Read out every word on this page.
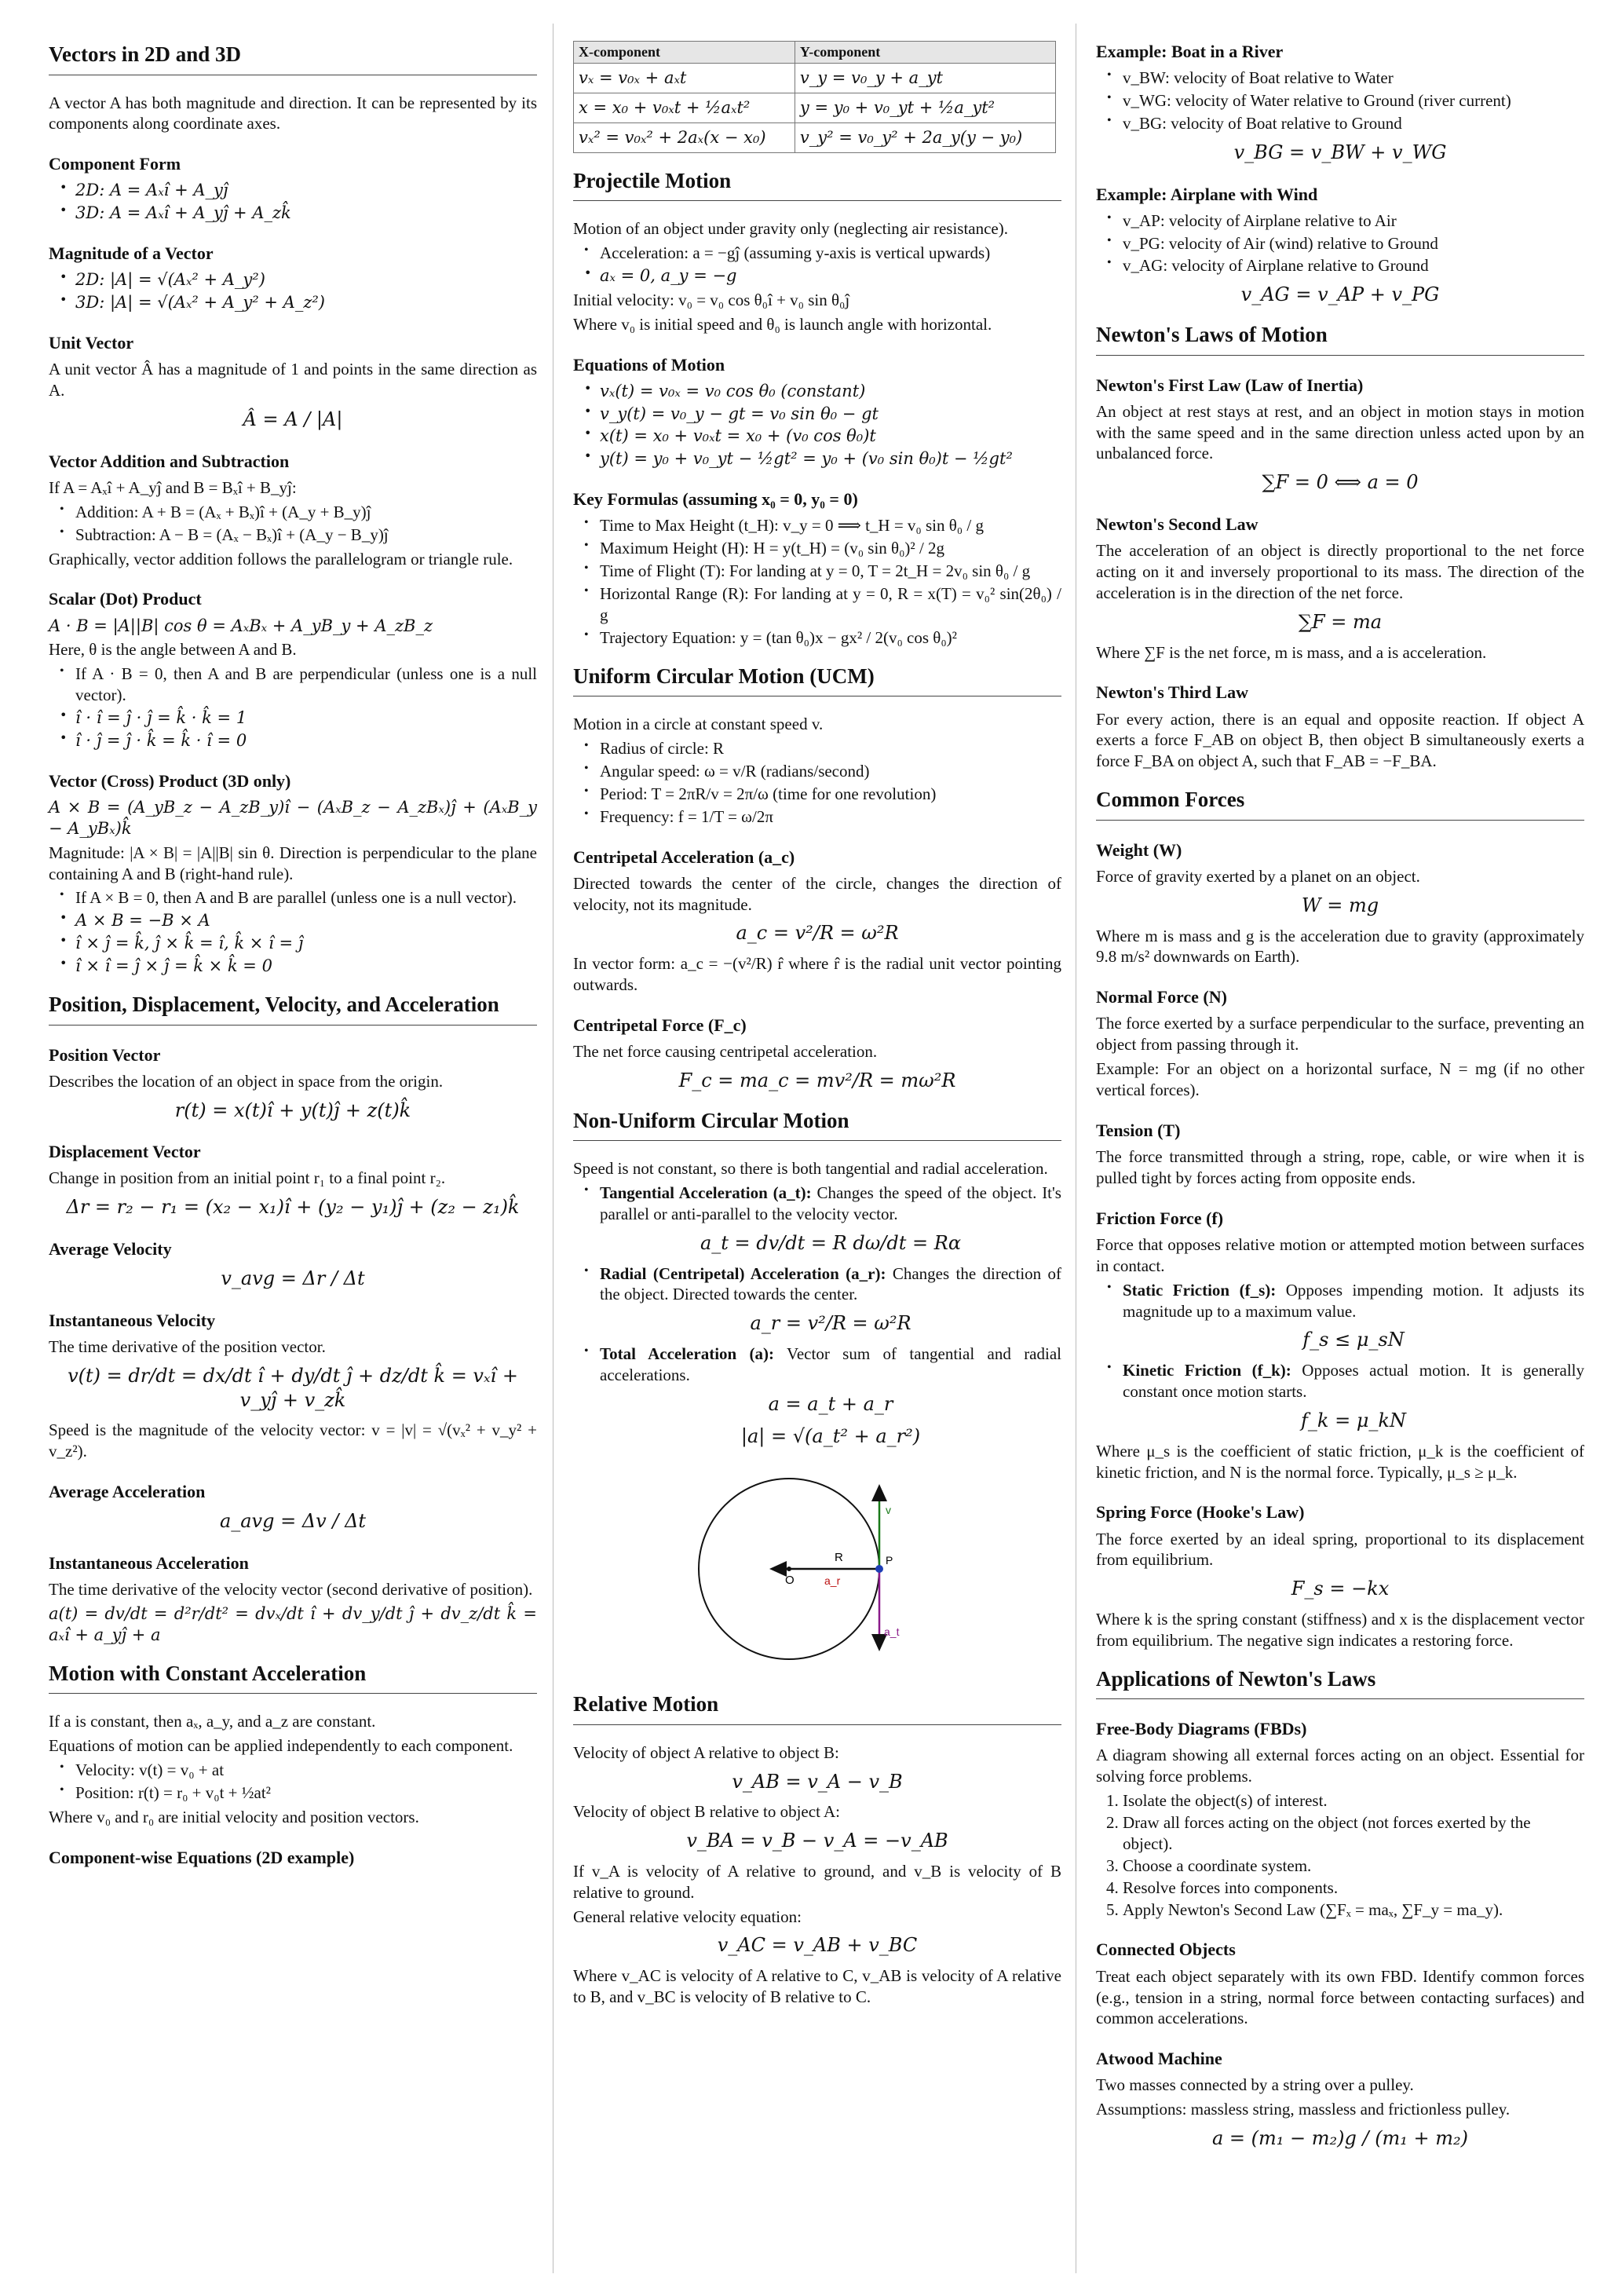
Vectors in 2D and 3D

A vector A has both magnitude and direction. It can be represented by its components along coordinate axes.

Component Form
• 2D: A = Aₓî + A_yĵ
• 3D: A = Aₓî + A_yĵ + A_zk̂
Magnitude of a Vector
• 2D: |A| = √(Aₓ² + A_y²)
• 3D: |A| = √(Aₓ² + A_y² + A_z²)
Unit Vector

A unit vector Â has a magnitude of 1 and points in the same direction as A.

Â = A / |A|
Vector Addition and Subtraction

If A = Aₓî + A_yĵ and B = Bₓî + B_yĵ:

• Addition: A + B = (Aₓ + Bₓ)î + (A_y + B_y)ĵ
• Subtraction: A − B = (Aₓ − Bₓ)î + (A_y − B_y)ĵ

Graphically, vector addition follows the parallelogram or triangle rule.

Scalar (Dot) Product

A · B = |A||B| cos θ = AₓBₓ + A_yB_y + A_zB_z

Here, θ is the angle between A and B.

• If A · B = 0, then A and B are perpendicular (unless one is a null vector).
• î · î = ĵ · ĵ = k̂ · k̂ = 1
• î · ĵ = ĵ · k̂ = k̂ · î = 0
Vector (Cross) Product (3D only)

A × B = (A_yB_z − A_zB_y)î − (AₓB_z − A_zBₓ)ĵ + (AₓB_y − A_yBₓ)k̂

Magnitude: |A × B| = |A||B| sin θ. Direction is perpendicular to the plane containing A and B (right-hand rule).

• If A × B = 0, then A and B are parallel (unless one is a null vector).
• A × B = −B × A
• î × ĵ = k̂, ĵ × k̂ = î, k̂ × î = ĵ
• î × î = ĵ × ĵ = k̂ × k̂ = 0
Position, Displacement, Velocity, and Acceleration
Position Vector

Describes the location of an object in space from the origin.

r(t) = x(t)î + y(t)ĵ + z(t)k̂
Displacement Vector

Change in position from an initial point r₁ to a final point r₂.

Δr = r₂ − r₁ = (x₂ − x₁)î + (y₂ − y₁)ĵ + (z₂ − z₁)k̂
Average Velocity
v_avg = Δr / Δt
Instantaneous Velocity

The time derivative of the position vector.

v(t) = dr/dt = dx/dt î + dy/dt ĵ + dz/dt k̂ = vₓî + v_yĵ + v_zk̂

Speed is the magnitude of the velocity vector: v = |v| = √(vₓ² + v_y² + v_z²).

Average Acceleration
a_avg = Δv / Δt
Instantaneous Acceleration

The time derivative of the velocity vector (second derivative of position).

a(t) = dv/dt = d²r/dt² = dvₓ/dt î + dv_y/dt ĵ + dv_z/dt k̂ = aₓî + a_yĵ + a

Motion with Constant Acceleration

If a is constant, then aₓ, a_y, and a_z are constant.

Equations of motion can be applied independently to each component.

• Velocity: v(t) = v₀ + at
• Position: r(t) = r₀ + v₀t + ½at²

Where v₀ and r₀ are initial velocity and position vectors.

Component-wise Equations (2D example)
X-component	Y-component
vₓ = v₀ₓ + aₓt	v_y = v₀_y + a_yt
x = x₀ + v₀ₓt + ½aₓt²	y = y₀ + v₀_yt + ½a_yt²
vₓ² = v₀ₓ² + 2aₓ(x − x₀)	v_y² = v₀_y² + 2a_y(y − y₀)
Projectile Motion

Motion of an object under gravity only (neglecting air resistance).

• Acceleration: a = −gĵ (assuming y-axis is vertical upwards)
• aₓ = 0, a_y = −g

Initial velocity: v₀ = v₀ cos θ₀î + v₀ sin θ₀ĵ

Where v₀ is initial speed and θ₀ is launch angle with horizontal.

Equations of Motion
• vₓ(t) = v₀ₓ = v₀ cos θ₀ (constant)
• v_y(t) = v₀_y − gt = v₀ sin θ₀ − gt
• x(t) = x₀ + v₀ₓt = x₀ + (v₀ cos θ₀)t
• y(t) = y₀ + v₀_yt − ½gt² = y₀ + (v₀ sin θ₀)t − ½gt²
Key Formulas (assuming x₀ = 0, y₀ = 0)
• Time to Max Height (t_H): v_y = 0 ⟹ t_H = v₀ sin θ₀ / g
• Maximum Height (H): H = y(t_H) = (v₀ sin θ₀)² / 2g
• Time of Flight (T): For landing at y = 0, T = 2t_H = 2v₀ sin θ₀ / g
• Horizontal Range (R): For landing at y = 0, R = x(T) = v₀² sin(2θ₀) / g
• Trajectory Equation: y = (tan θ₀)x − gx² / 2(v₀ cos θ₀)²
Uniform Circular Motion (UCM)

Motion in a circle at constant speed v.

• Radius of circle: R
• Angular speed: ω = v/R (radians/second)
• Period: T = 2πR/v = 2π/ω (time for one revolution)
• Frequency: f = 1/T = ω/2π
Centripetal Acceleration (a_c)

Directed towards the center of the circle, changes the direction of velocity, not its magnitude.

a_c = v²/R = ω²R

In vector form: a_c = −(v²/R) r̂ where r̂ is the radial unit vector pointing outwards.

Centripetal Force (F_c)

The net force causing centripetal acceleration.

F_c = ma_c = mv²/R = mω²R
Non-Uniform Circular Motion

Speed is not constant, so there is both tangential and radial acceleration.

• Tangential Acceleration (a_t): Changes the speed of the object. It's parallel or anti-parallel to the velocity vector.
a_t = dv/dt = R dω/dt = Rα
• Radial (Centripetal) Acceleration (a_r): Changes the direction of the object. Directed towards the center.
a_r = v²/R = ω²R
• Total Acceleration (a): Vector sum of tangential and radial accelerations.
a = a_t + a_r
|a| = √(a_t² + a_r²)
R
O
P
v
a_r
a_t
Relative Motion

Velocity of object A relative to object B:

v_AB = v_A − v_B

Velocity of object B relative to object A:

v_BA = v_B − v_A = −v_AB

If v_A is velocity of A relative to ground, and v_B is velocity of B relative to ground.

General relative velocity equation:

v_AC = v_AB + v_BC

Where v_AC is velocity of A relative to C, v_AB is velocity of A relative to B, and v_BC is velocity of B relative to C.

Example: Boat in a River
• v_BW: velocity of Boat relative to Water
• v_WG: velocity of Water relative to Ground (river current)
• v_BG: velocity of Boat relative to Ground
v_BG = v_BW + v_WG
Example: Airplane with Wind
• v_AP: velocity of Airplane relative to Air
• v_PG: velocity of Air (wind) relative to Ground
• v_AG: velocity of Airplane relative to Ground
v_AG = v_AP + v_PG
Newton's Laws of Motion
Newton's First Law (Law of Inertia)

An object at rest stays at rest, and an object in motion stays in motion with the same speed and in the same direction unless acted upon by an unbalanced force.

∑F = 0 ⟺ a = 0
Newton's Second Law

The acceleration of an object is directly proportional to the net force acting on it and inversely proportional to its mass. The direction of the acceleration is in the direction of the net force.

∑F = ma

Where ∑F is the net force, m is mass, and a is acceleration.

Newton's Third Law

For every action, there is an equal and opposite reaction. If object A exerts a force F_AB on object B, then object B simultaneously exerts a force F_BA on object A, such that F_AB = −F_BA.

Common Forces
Weight (W)

Force of gravity exerted by a planet on an object.

W = mg

Where m is mass and g is the acceleration due to gravity (approximately 9.8 m/s² downwards on Earth).

Normal Force (N)

The force exerted by a surface perpendicular to the surface, preventing an object from passing through it.

Example: For an object on a horizontal surface, N = mg (if no other vertical forces).

Tension (T)

The force transmitted through a string, rope, cable, or wire when it is pulled tight by forces acting from opposite ends.

Friction Force (f)

Force that opposes relative motion or attempted motion between surfaces in contact.

• Static Friction (f_s): Opposes impending motion. It adjusts its magnitude up to a maximum value.
f_s ≤ μ_sN
• Kinetic Friction (f_k): Opposes actual motion. It is generally constant once motion starts.
f_k = μ_kN

Where μ_s is the coefficient of static friction, μ_k is the coefficient of kinetic friction, and N is the normal force. Typically, μ_s ≥ μ_k.

Spring Force (Hooke's Law)

The force exerted by an ideal spring, proportional to its displacement from equilibrium.

F_s = −kx

Where k is the spring constant (stiffness) and x is the displacement vector from equilibrium. The negative sign indicates a restoring force.

Applications of Newton's Laws
Free-Body Diagrams (FBDs)

A diagram showing all external forces acting on an object. Essential for solving force problems.

1. Isolate the object(s) of interest.
2. Draw all forces acting on the object (not forces exerted by the object).
3. Choose a coordinate system.
4. Resolve forces into components.
5. Apply Newton's Second Law (∑Fₓ = maₓ, ∑F_y = ma_y).
Connected Objects

Treat each object separately with its own FBD. Identify common forces (e.g., tension in a string, normal force between contacting surfaces) and common accelerations.

Atwood Machine

Two masses connected by a string over a pulley.

Assumptions: massless string, massless and frictionless pulley.

a = (m₁ − m₂)g / (m₁ + m₂)
